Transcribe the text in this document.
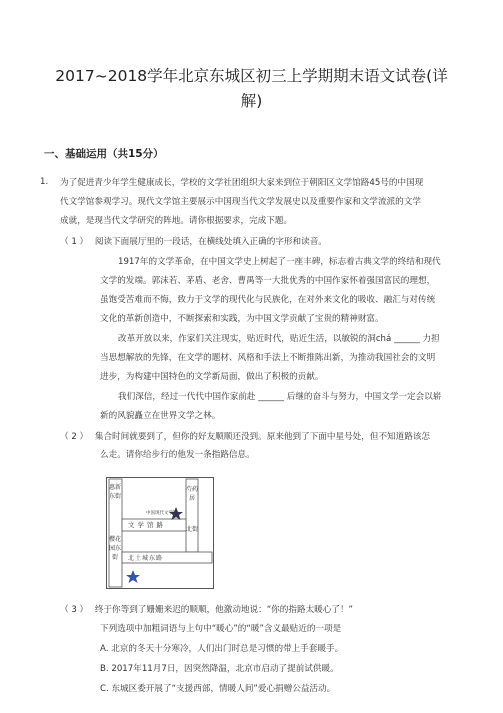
2017~2018学年北京东城区初三上学期期末语文试卷(详
解)
一、基础运用（共15分）
1. 为了促进青少年学生健康成长，学校的文学社团组织大家来到位于朝阳区文学馆路45号的中国现
代文学馆参观学习。现代文学馆主要展示中国现当代文学发展史以及重要作家和文学流派的文学
成就，是现当代文学研究的阵地。请你根据要求，完成下题。
（ 1 ） 阅读下面展厅里的一段话，在横线处填入正确的字形和读音。
1917年的文学革命，在中国文学史上树起了一座丰碑，标志着古典文学的终结和现代
文学的发端。郭沫若、茅盾、老舍、曹禺等一大批优秀的中国作家怀着强国富民的理想，
虽饱受苦难而不悔，致力于文学的现代化与民族化，在对外来文化的吸收、融汇与对传统
文化的革新创造中，不断探索和实践，为中国文学贡献了宝贵的精神财富。
改革开放以来，作家们关注现实，贴近时代，贴近生活，以敏锐的洞chá ______ 力担
当思想解放的先锋，在文学的题材、风格和手法上不断推陈出新，为推动我国社会的文明
进步，为构建中国特色的文学新局面，做出了积极的贡献。
我们深信，经过一代代中国作家前赴 ______ 后继的奋斗与努力，中国文学一定会以崭
新的风貌矗立在世界文学之林。
（ 2 ） 集合时间就要到了，但你的好友顺顺还没到。原来他到了下面中星号处，但不知道路该怎
么走。请你给步行的他发一条指路信息。
惠新东街
樱花园东街
芍药居
北街
文学馆路
北土城东路
中国现代文学馆
（ 3 ） 终于你等到了姗姗来迟的顺顺，他激动地说：“你的指路太暖心了！”
下列选项中加粗词语与上句中“暖心”的“暖”含义最贴近的一项是
A. 北京的冬天十分寒冷，人们出门时总是习惯的带上手套暖手。
B. 2017年11月7日，因突然降温，北京市启动了提前试供暖。
C. 东城区委开展了“支援西部，情暖人间”爱心捐赠公益活动。
